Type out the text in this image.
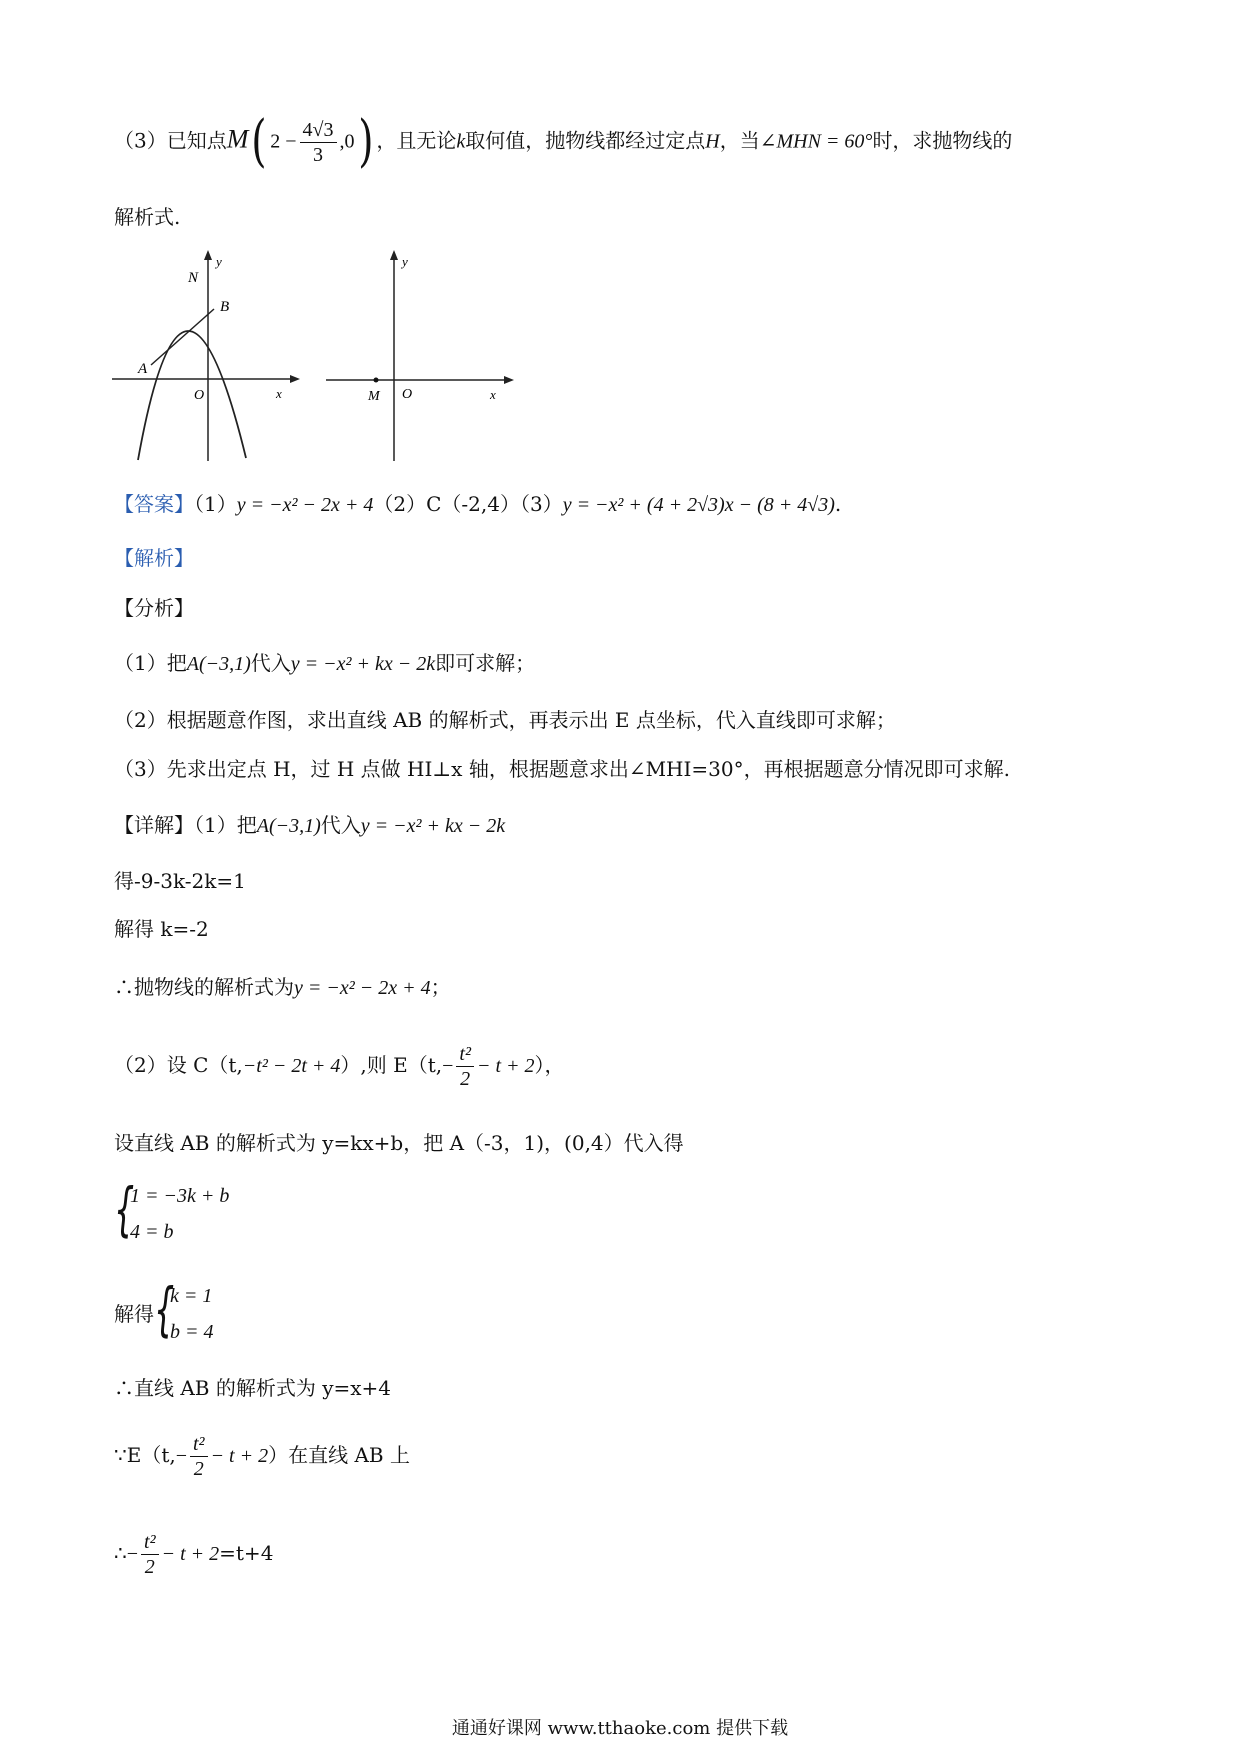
（3）已知点M( $2 - \frac{4√3}{3} ,0$) ，且无论k取何值，抛物线都经过定点H，当∠MHN = 60°时，求抛物线的
解析式.
N
B
A
O	x
y
M O	x
y
【答案】（1）y = −x² − 2x + 4（2）C（-2,4）（3）y = −x² + (4 + 2√3)x − (8 + 4√3).
【解析】
【分析】
（1）把A(−3,1)代入y = −x² + kx − 2k即可求解；
（2）根据题意作图，求出直线 AB 的解析式，再表示出 E 点坐标，代入直线即可求解；
（3）先求出定点 H，过 H 点做 HI⊥x 轴，根据题意求出∠MHI=30°，再根据题意分情况即可求解.
【详解】（1）把A(−3,1)代入y = −x² + kx − 2k
得-9-3k-2k=1
解得 k=-2
∴抛物线的解析式为y = −x² − 2x + 4；
（2）设 C（t,−t² − 2t + 4）,则 $E(t,- \frac{\text{t²}}{2} - t + 2)$，
设直线 AB 的解析式为 y=kx+b，把 A（-3，1)，(0,4）代入得
{
1 = −3k + b
4 = b
解得 {
k = 1
b = 4
∴直线 AB 的解析式为 y=x+4
∵E（t,− $\frac{\text{t²}}{2} - t + 2$）在直线 AB 上
∴− $\frac{\text{t²}}{2} - t + 2=t+4$
通通好课网 www.tthaoke.com 提供下载
